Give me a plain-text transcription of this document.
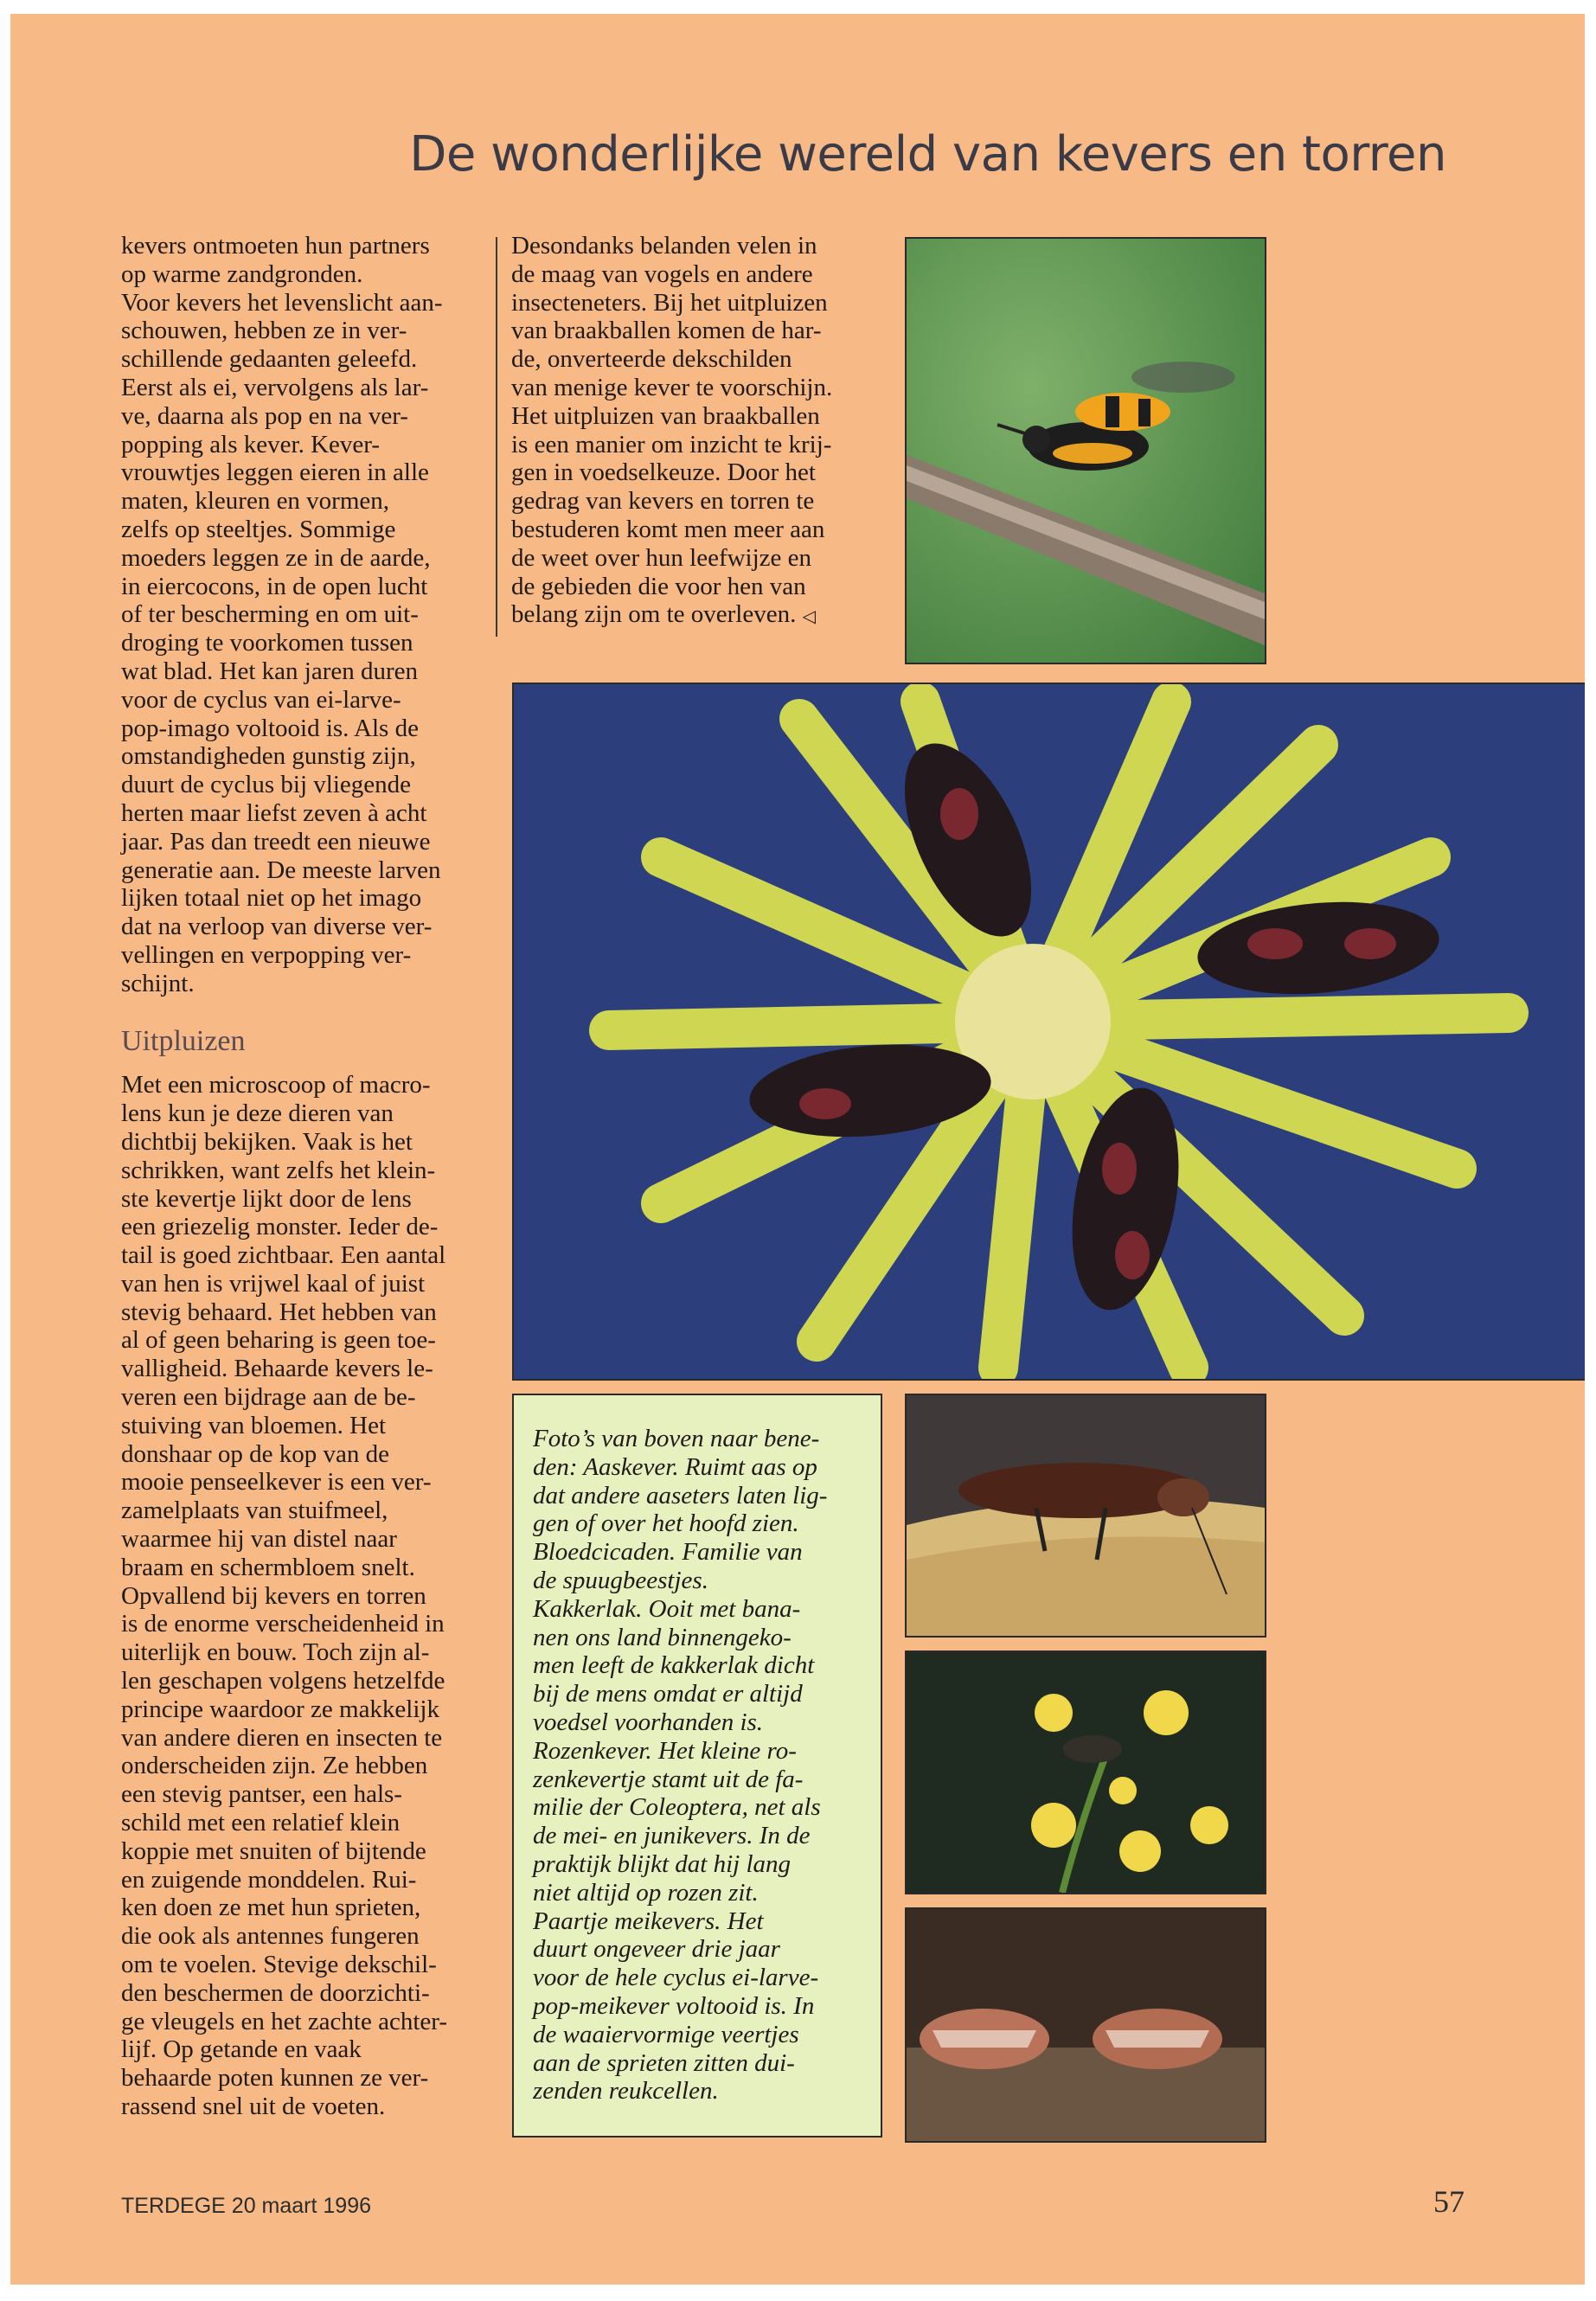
De wonderlijke wereld van kevers en torren

kevers ontmoeten hun partners
op warme zandgronden.
Voor kevers het levenslicht aan-
schouwen, hebben ze in ver-
schillende gedaanten geleefd.
Eerst als ei, vervolgens als lar-
ve, daarna als pop en na ver-
popping als kever. Kever-
vrouwtjes leggen eieren in alle
maten, kleuren en vormen,
zelfs op steeltjes. Sommige
moeders leggen ze in de aarde,
in eiercocons, in de open lucht
of ter bescherming en om uit-
droging te voorkomen tussen
wat blad. Het kan jaren duren
voor de cyclus van ei-larve-
pop-imago voltooid is. Als de
omstandigheden gunstig zijn,
duurt de cyclus bij vliegende
herten maar liefst zeven à acht
jaar. Pas dan treedt een nieuwe
generatie aan. De meeste larven
lijken totaal niet op het imago
dat na verloop van diverse ver-
vellingen en verpopping ver-
schijnt.

Uitpluizen

Met een microscoop of macro-
lens kun je deze dieren van
dichtbij bekijken. Vaak is het
schrikken, want zelfs het klein-
ste kevertje lijkt door de lens
een griezelig monster. Ieder de-
tail is goed zichtbaar. Een aantal
van hen is vrijwel kaal of juist
stevig behaard. Het hebben van
al of geen beharing is geen toe-
valligheid. Behaarde kevers le-
veren een bijdrage aan de be-
stuiving van bloemen. Het
donshaar op de kop van de
mooie penseelkever is een ver-
zamelplaats van stuifmeel,
waarmee hij van distel naar
braam en schermbloem snelt.
Opvallend bij kevers en torren
is de enorme verscheidenheid in
uiterlijk en bouw. Toch zijn al-
len geschapen volgens hetzelfde
principe waardoor ze makkelijk
van andere dieren en insecten te
onderscheiden zijn. Ze hebben
een stevig pantser, een hals-
schild met een relatief klein
koppie met snuiten of bijtende
en zuigende monddelen. Rui-
ken doen ze met hun sprieten,
die ook als antennes fungeren
om te voelen. Stevige dekschil-
den beschermen de doorzichti-
ge vleugels en het zachte achter-
lijf. Op getande en vaak
behaarde poten kunnen ze ver-
rassend snel uit de voeten.

Desondanks belanden velen in
de maag van vogels en andere
insecteneters. Bij het uitpluizen
van braakballen komen de har-
de, onverteerde dekschilden
van menige kever te voorschijn.
Het uitpluizen van braakballen
is een manier om inzicht te krij-
gen in voedselkeuze. Door het
gedrag van kevers en torren te
bestuderen komt men meer aan
de weet over hun leefwijze en
de gebieden die voor hen van
belang zijn om te overleven. ◁

Foto’s van boven naar bene-
den: Aaskever. Ruimt aas op
dat andere aaseters laten lig-
gen of over het hoofd zien.
Bloedcicaden. Familie van
de spuugbeestjes.
Kakkerlak. Ooit met bana-
nen ons land binnengeko-
men leeft de kakkerlak dicht
bij de mens omdat er altijd
voedsel voorhanden is.
Rozenkever. Het kleine ro-
zenkevertje stamt uit de fa-
milie der Coleoptera, net als
de mei- en junikevers. In de
praktijk blijkt dat hij lang
niet altijd op rozen zit.
Paartje meikevers. Het
duurt ongeveer drie jaar
voor de hele cyclus ei-larve-
pop-meikever voltooid is. In
de waaiervormige veertjes
aan de sprieten zitten dui-
zenden reukcellen.

TERDEGE 20 maart 1996	57
